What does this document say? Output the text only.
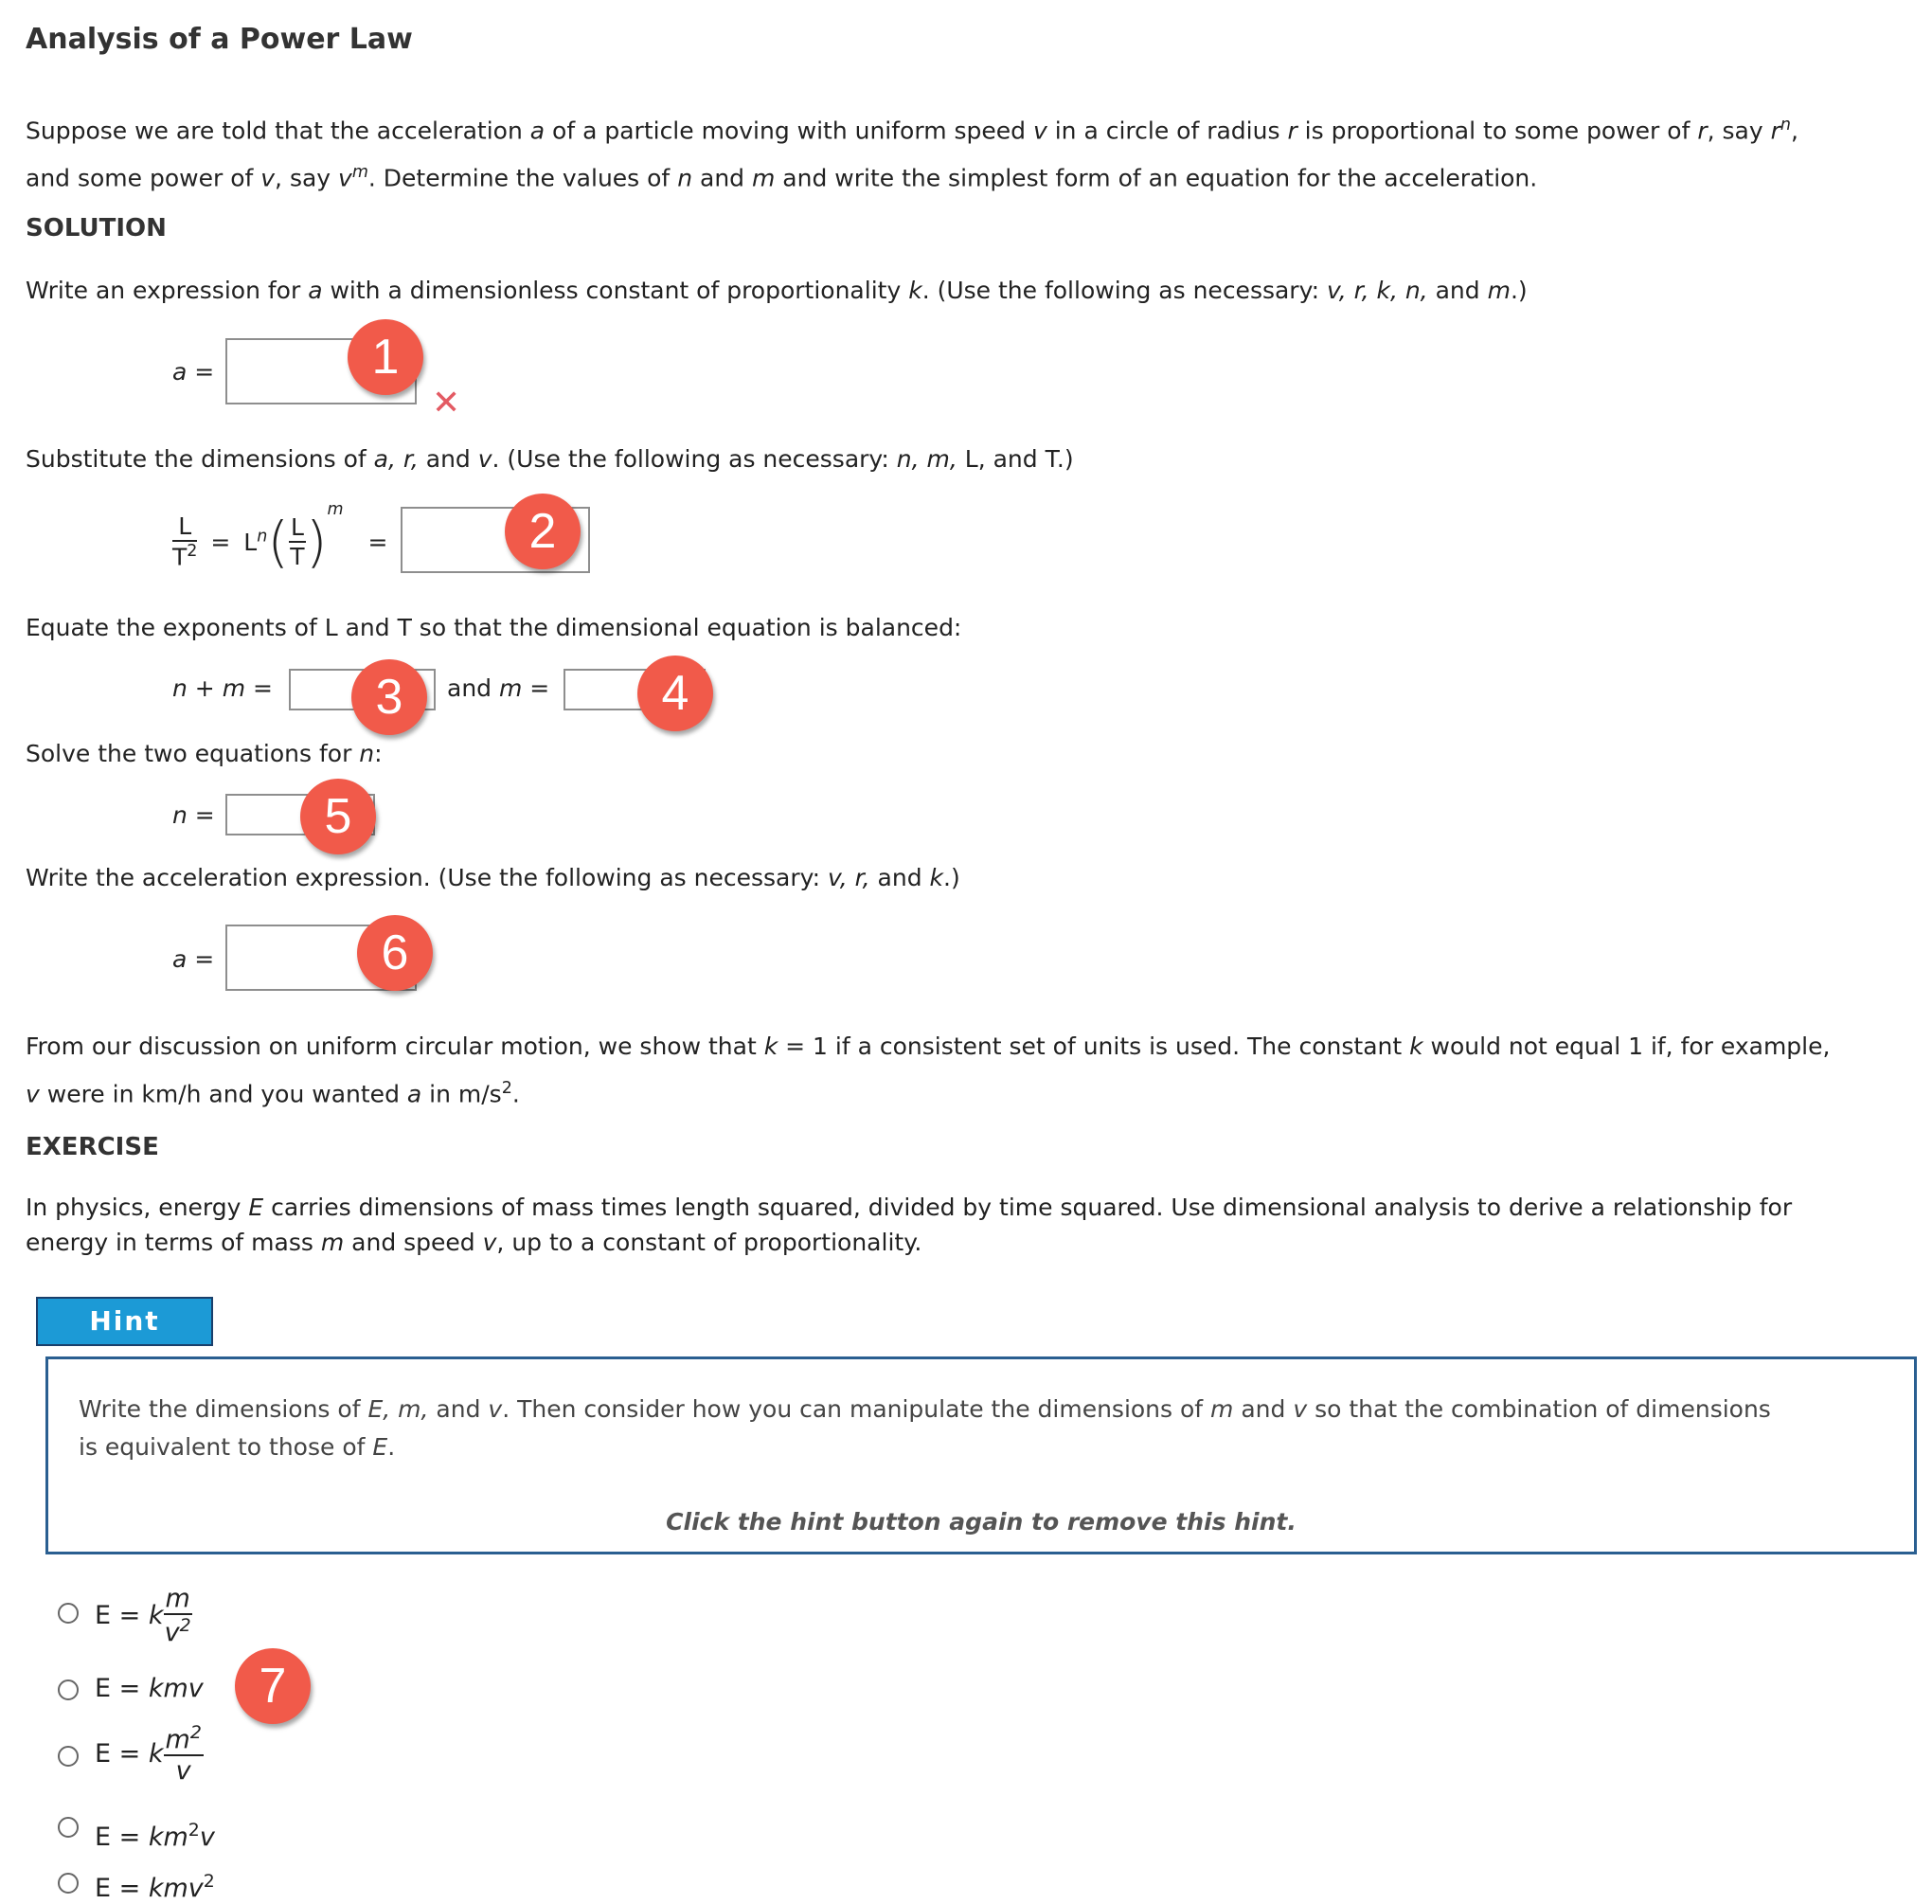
Analysis of a Power Law
Suppose we are told that the acceleration a of a particle moving with uniform speed v in a circle of radius r is proportional to some power of r, say $r^n$,
and some power of v, say $v^m$. Determine the values of n and m and write the simplest form of an equation for the acceleration.
SOLUTION
Write an expression for a with a dimensionless constant of proportionality k. (Use the following as necessary: v, r, k, n, and m.)
a =	1
✕
Substitute the dimensions of a, r, and v. (Use the following as necessary: n, m, L, and T.)
$\frac{L}{T^2} = L^n( \frac{L}{T} )^m$ =	2
Equate the exponents of L and T so that the dimensional equation is balanced:
n + m =	3	and m =	4
Solve the two equations for n:
n =	5
Write the acceleration expression. (Use the following as necessary: v, r, and k.)
a =	6
From our discussion on uniform circular motion, we show that k = 1 if a consistent set of units is used. The constant k would not equal 1 if, for example,
v were in km/h and you wanted a in $m/s^2$.
EXERCISE
In physics, energy E carries dimensions of mass times length squared, divided by time squared. Use dimensional analysis to derive a relationship for
energy in terms of mass m and speed v, up to a constant of proportionality.
Hint
Write the dimensions of E, m, and v. Then consider how you can manipulate the dimensions of m and v so that the combination of dimensions
is equivalent to those of E.
Click the hint button again to remove this hint.
E = k $\frac{m}{v^2}$
E = kmv
E = k $\frac{m^2}{v}$
$E = km^2v$
E = kmv$^2$
7
